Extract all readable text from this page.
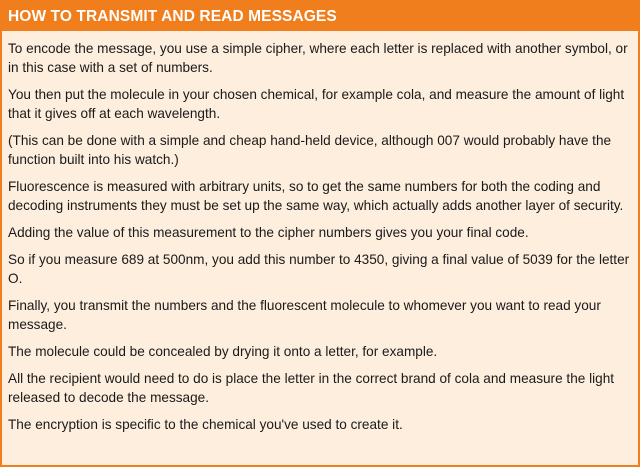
HOW TO TRANSMIT AND READ MESSAGES

To encode the message, you use a simple cipher, where each letter is replaced with another symbol, or in this case with a set of numbers.

You then put the molecule in your chosen chemical, for example cola, and measure the amount of light that it gives off at each wavelength.

(This can be done with a simple and cheap hand-held device, although 007 would probably have the function built into his watch.)

Fluorescence is measured with arbitrary units, so to get the same numbers for both the coding and decoding instruments they must be set up the same way, which actually adds another layer of security.

Adding the value of this measurement to the cipher numbers gives you your final code.

So if you measure 689 at 500nm, you add this number to 4350, giving a final value of 5039 for the letter O.

Finally, you transmit the numbers and the fluorescent molecule to whomever you want to read your message.

The molecule could be concealed by drying it onto a letter, for example.

All the recipient would need to do is place the letter in the correct brand of cola and measure the light released to decode the message.

The encryption is specific to the chemical you've used to create it.
